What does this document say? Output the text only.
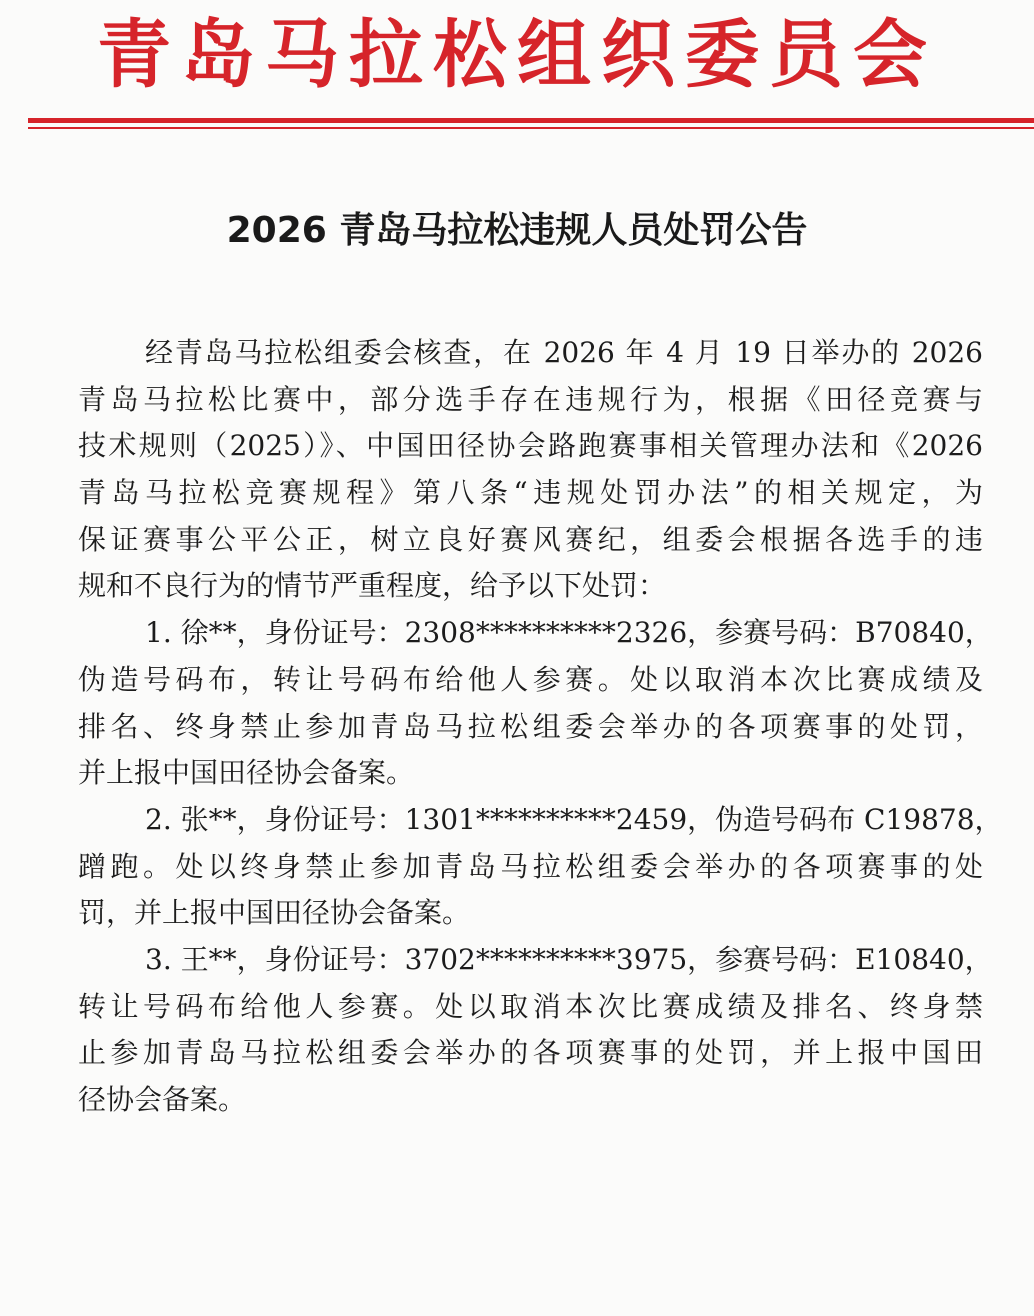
青岛马拉松组织委员会
2026 青岛马拉松违规人员处罚公告
经青岛马拉松组委会核查，在 2026 年 4 月 19 日举办的 2026
青岛马拉松比赛中，部分选手存在违规行为，根据《田径竞赛与
技术规则（2025）》、中国田径协会路跑赛事相关管理办法和《2026
青岛马拉松竞赛规程》第八条“违规处罚办法”的相关规定，为
保证赛事公平公正，树立良好赛风赛纪，组委会根据各选手的违
规和不良行为的情节严重程度，给予以下处罚：
1. 徐**，身份证号：2308**********2326，参赛号码：B70840，
伪造号码布，转让号码布给他人参赛。处以取消本次比赛成绩及
排名、终身禁止参加青岛马拉松组委会举办的各项赛事的处罚，
并上报中国田径协会备案。
2. 张**，身份证号：1301**********2459，伪造号码布 C19878，
蹭跑。处以终身禁止参加青岛马拉松组委会举办的各项赛事的处
罚，并上报中国田径协会备案。
3. 王**，身份证号：3702**********3975，参赛号码：E10840，
转让号码布给他人参赛。处以取消本次比赛成绩及排名、终身禁
止参加青岛马拉松组委会举办的各项赛事的处罚，并上报中国田
径协会备案。
